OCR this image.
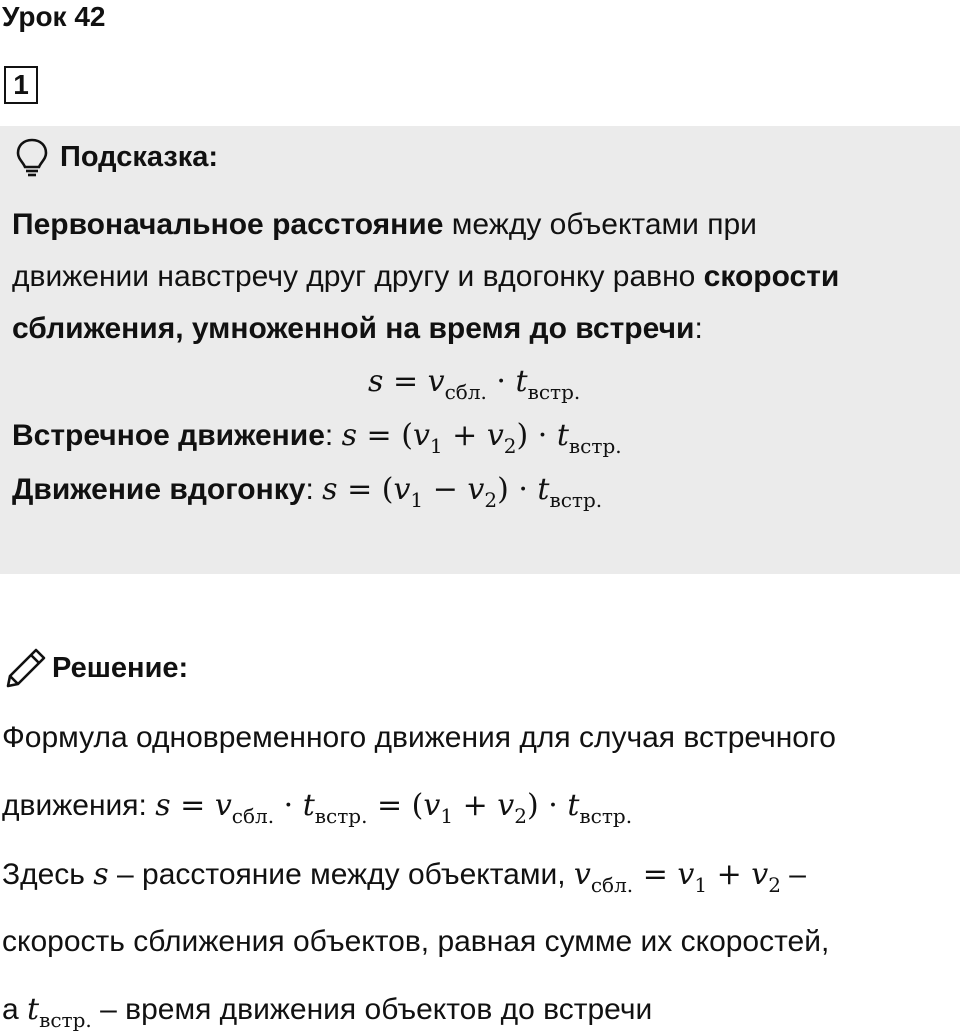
Урок 42
1
Подсказка:
Первоначальное расстояние между объектами при
движении навстречу друг другу и вдогонку равно скорости
сближения, умноженной на время до встречи:
$s = v_{сбл.} \cdot t_{встр.}$
Встречное движение: $s = (v_1 + v_2) \cdot t_{встр.}$
Движение вдогонку: $s = (v_1 - v_2) \cdot t_{встр.}$
Решение:
Формула одновременного движения для случая встречного
движения: $s = v_{сбл.} \cdot t_{встр.} = (v_1 + v_2) \cdot t_{встр.}$
Здесь s – расстояние между объектами, $v_{сбл.} = v_1 + v_2$ –
скорость сближения объектов, равная сумме их скоростей,
а $t_{встр.}$ – время движения объектов до встречи
